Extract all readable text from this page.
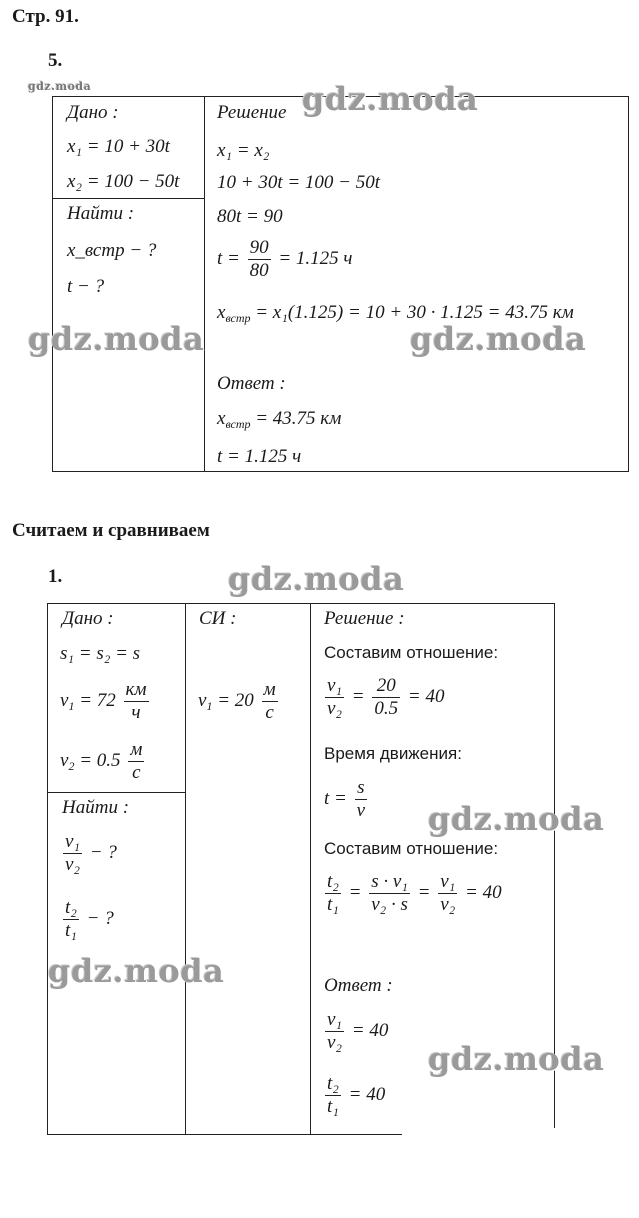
Стр. 91.
5.
gdz.moda
Дано :
x₁ = 10 + 30t
x₂ = 100 − 50t
Найти :
x_встр − ?
t − ?
Решение
x₁ = x₂
10 + 30t = 100 − 50t
80t = 90
$t = \frac{90}{80} = 1.125$ ч
$x_{встр} = x_1(1.125) = 10 + 30 \cdot 1.125 = 43.75$ км
Ответ :
$x_{встр} = 43.75$ км
t = 1.125 ч
Считаем и сравниваем
1.
Дано :
s₁ = s₂ = s
$v_1 = 72 \frac{км}{ч}$
$v_2 = 0.5 \frac{м}{с}$
Найти :
$\frac{\text{v₁}}{\text{v₂}}$ − ?
$\frac{\text{t₂}}{\text{t₁}}$ − ?
СИ :
$v_1 = 20 \frac{м}{с}$
Решение :
Составим отношение:
$\frac{\text{v₁}}{\text{v₂}} = \frac{20}{0.5} = 40$
Время движения:
$t = \frac{s}{v}$
Составим отношение:
$\frac{\text{t₂}}{\text{t₁}} = \frac{\text{s · v₁}}{\text{v₂ · s}} = \frac{\text{v₁}}{\text{v₂}} = 40$
Ответ :
$\frac{\text{v₁}}{\text{v₂}} = 40$
$\frac{\text{t₂}}{\text{t₁}} = 40$
gdz.moda
gdz.moda	gdz.moda
gdz.moda
gdz.moda
gdz.moda
gdz.moda
